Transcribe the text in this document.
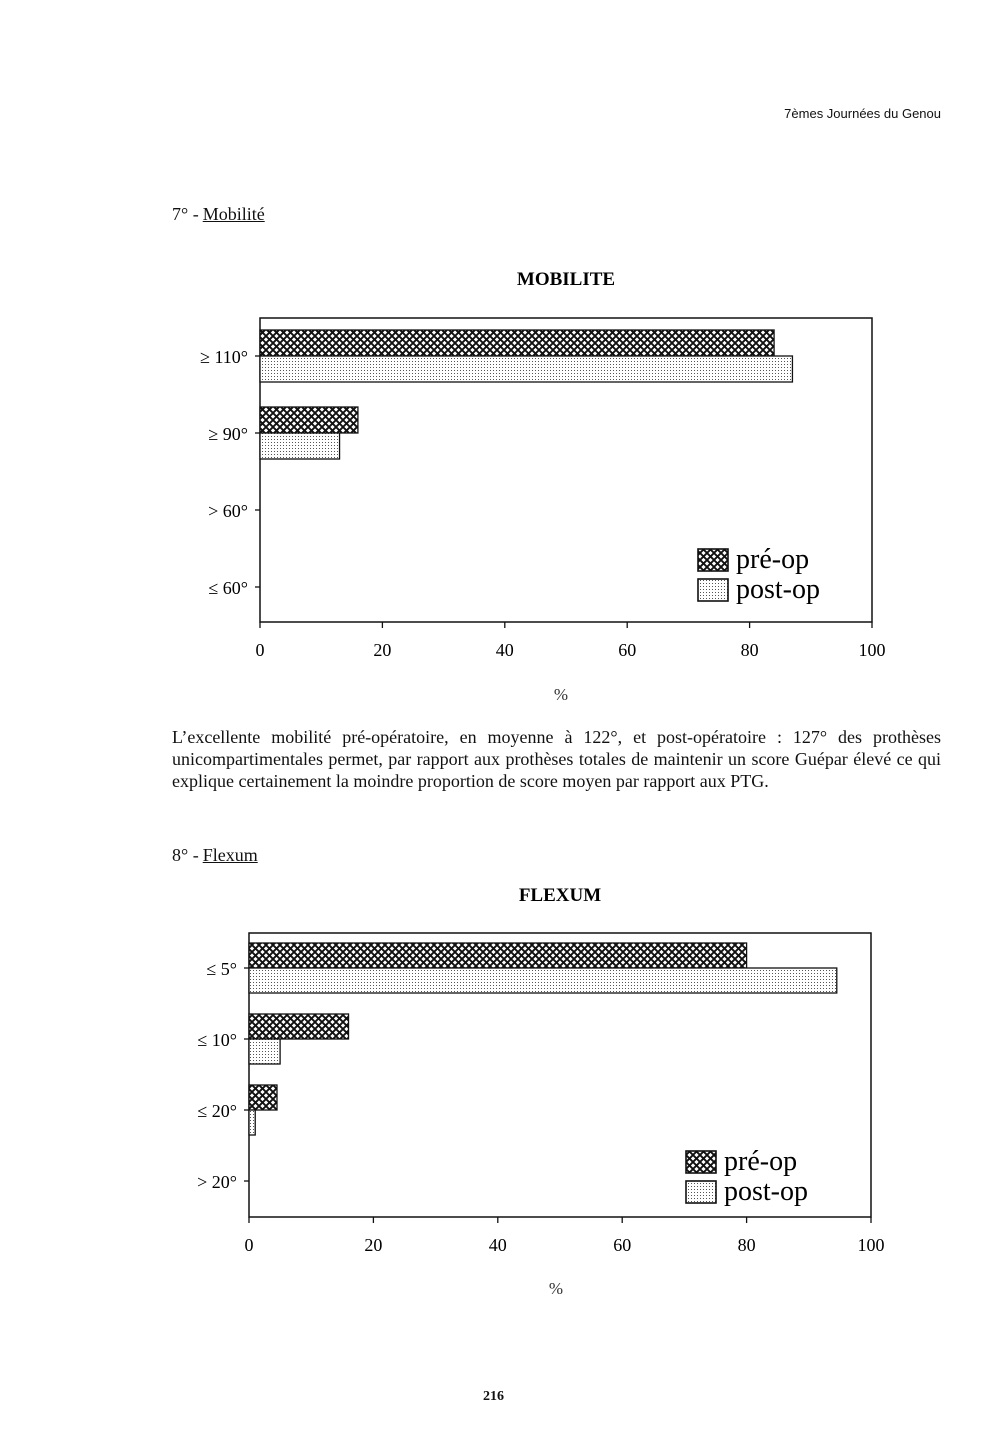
7èmes Journées du Genou
7° - Mobilité
MOBILITE
≥ 110°
≥ 90°
> 60°
≤ 60°
0	20	40	60	80	100
%
pré-op
post-op
L’excellente mobilité pré-opératoire, en moyenne à 122°, et post-opératoire : 127° des prothèses unicompartimentales permet, par rapport aux prothèses totales de maintenir un score Guépar élevé ce qui explique certainement la moindre proportion de score moyen par rapport aux PTG.
8° - Flexum
FLEXUM
≤ 5°
≤ 10°
≤ 20°
> 20°
0	20	40	60	80	100
%
pré-op
post-op
216
